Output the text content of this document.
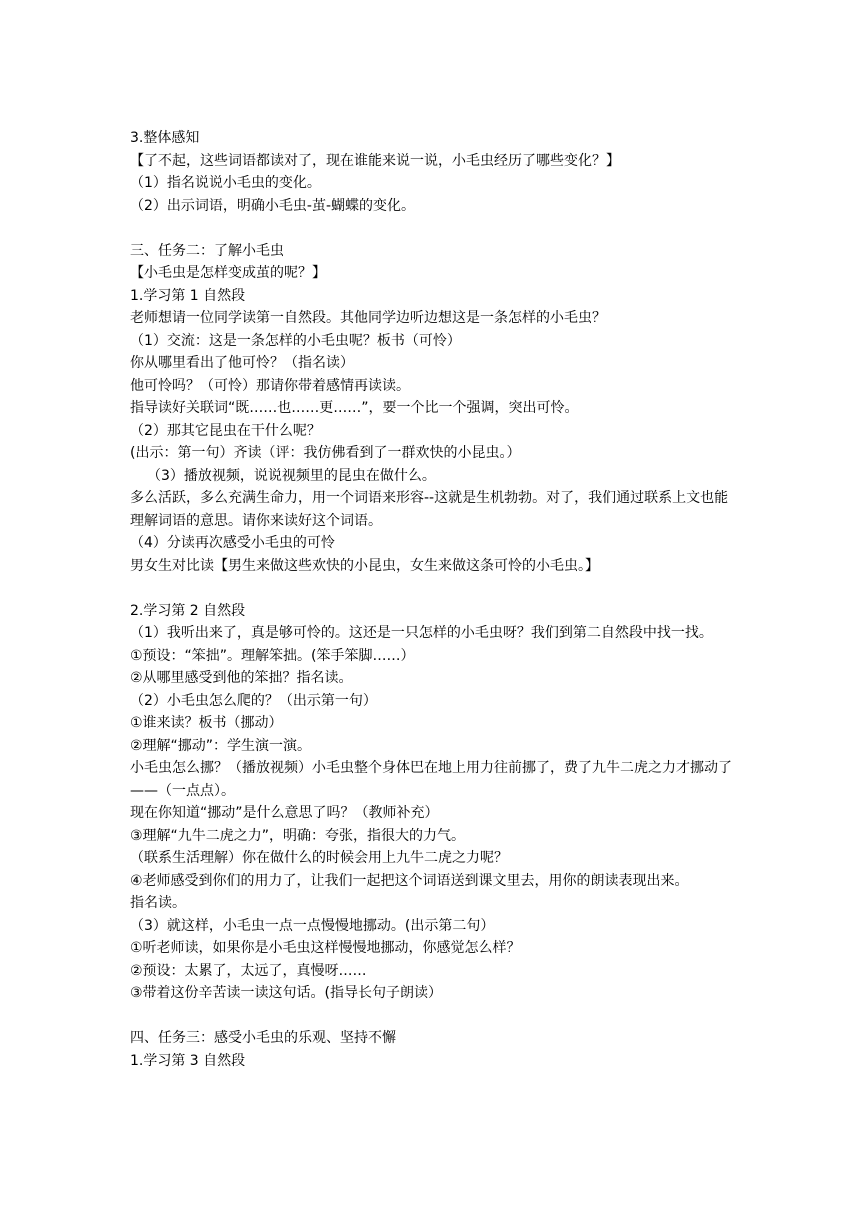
3.整体感知
【了不起，这些词语都读对了，现在谁能来说一说，小毛虫经历了哪些变化？】
（1）指名说说小毛虫的变化。
（2）出示词语，明确小毛虫-茧-蝴蝶的变化。
三、任务二：了解小毛虫
【小毛虫是怎样变成茧的呢？】
1.学习第 1 自然段
老师想请一位同学读第一自然段。其他同学边听边想这是一条怎样的小毛虫？
（1）交流：这是一条怎样的小毛虫呢？板书（可怜）
你从哪里看出了他可怜？（指名读）
他可怜吗？（可怜）那请你带着感情再读读。
指导读好关联词“既……也……更……”，要一个比一个强调，突出可怜。
（2）那其它昆虫在干什么呢？
(出示：第一句）齐读（评：我仿佛看到了一群欢快的小昆虫。）
（3）播放视频，说说视频里的昆虫在做什么。
多么活跃，多么充满生命力，用一个词语来形容--这就是生机勃勃。对了，我们通过联系上文也能理解词语的意思。请你来读好这个词语。
（4）分读再次感受小毛虫的可怜
男女生对比读【男生来做这些欢快的小昆虫，女生来做这条可怜的小毛虫。】
2.学习第 2 自然段
（1）我听出来了，真是够可怜的。这还是一只怎样的小毛虫呀？我们到第二自然段中找一找。
①预设：“笨拙”。理解笨拙。(笨手笨脚……）
②从哪里感受到他的笨拙？指名读。
（2）小毛虫怎么爬的？（出示第一句）
①谁来读？板书（挪动）
②理解“挪动”：学生演一演。
小毛虫怎么挪？（播放视频）小毛虫整个身体巴在地上用力往前挪了，费了九牛二虎之力才挪动了——（一点点）。
现在你知道“挪动”是什么意思了吗？（教师补充）
③理解“九牛二虎之力”，明确：夸张，指很大的力气。
（联系生活理解）你在做什么的时候会用上九牛二虎之力呢？
④老师感受到你们的用力了，让我们一起把这个词语送到课文里去，用你的朗读表现出来。
指名读。
（3）就这样，小毛虫一点一点慢慢地挪动。(出示第二句）
①听老师读，如果你是小毛虫这样慢慢地挪动，你感觉怎么样？
②预设：太累了，太远了，真慢呀……
③带着这份辛苦读一读这句话。(指导长句子朗读）
四、任务三：感受小毛虫的乐观、坚持不懈
1.学习第 3 自然段
